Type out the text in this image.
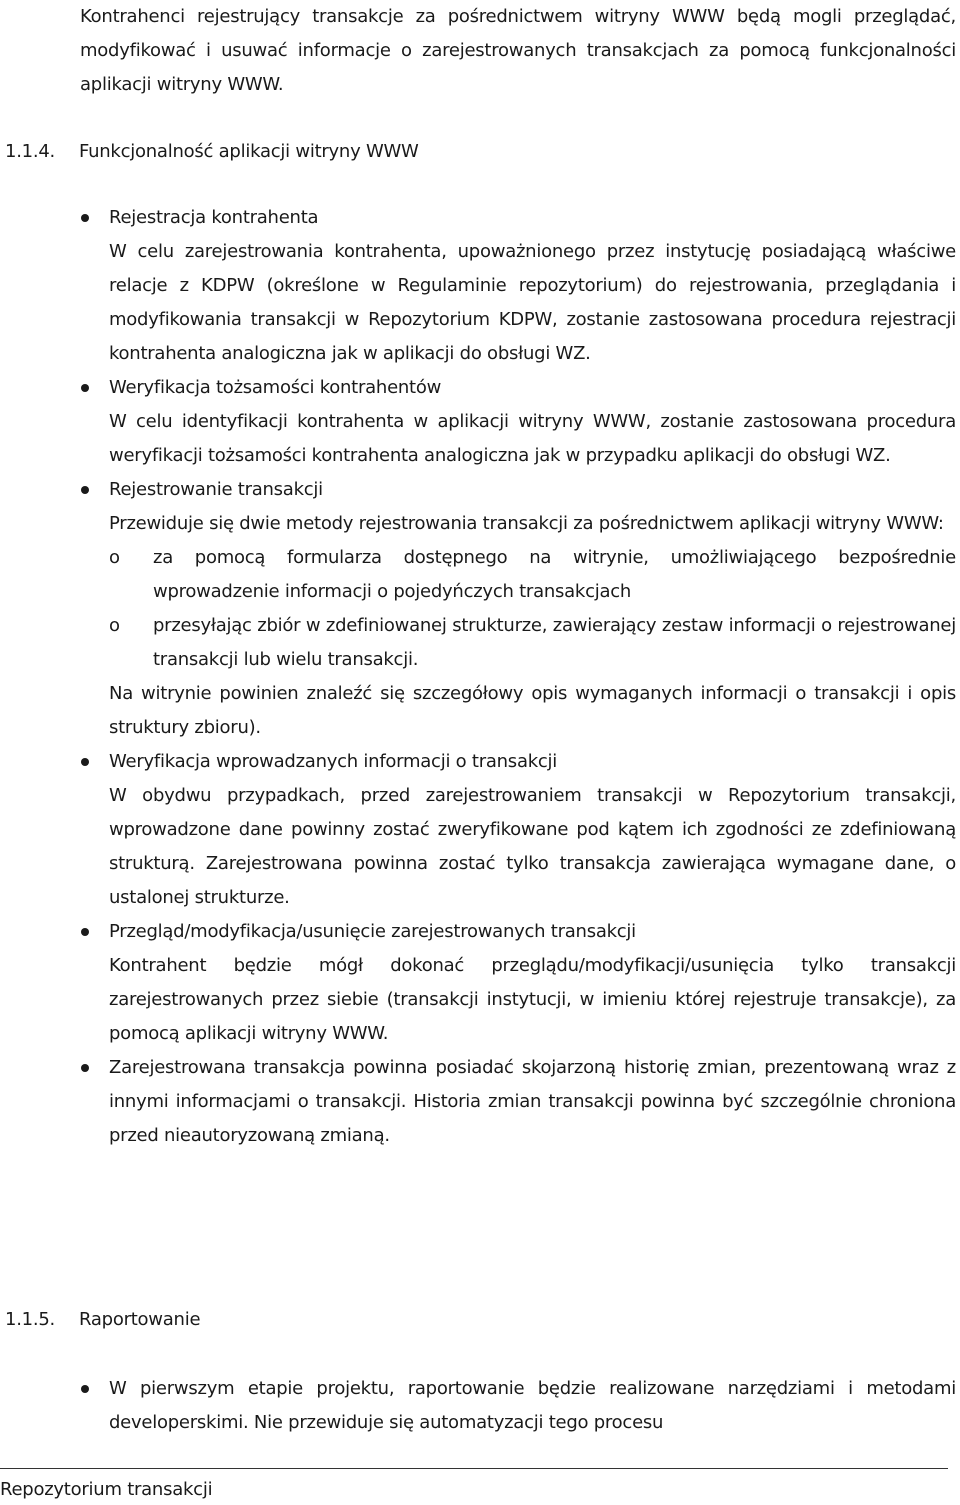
Kontrahenci rejestrujący transakcje za pośrednictwem witryny WWW będą mogli przeglądać, modyfikować i usuwać informacje o zarejestrowanych transakcjach za pomocą funkcjonalności aplikacji witryny WWW.

1.1.4. Funkcjonalność aplikacji witryny WWW
Rejestracja kontrahenta

W celu zarejestrowania kontrahenta, upoważnionego przez instytucję posiadającą właściwe relacje z KDPW (określone w Regulaminie repozytorium) do rejestrowania, przeglądania i modyfikowania transakcji w Repozytorium KDPW, zostanie zastosowana procedura rejestracji kontrahenta analogiczna jak w aplikacji do obsługi WZ.

Weryfikacja tożsamości kontrahentów

W celu identyfikacji kontrahenta w aplikacji witryny WWW, zostanie zastosowana procedura weryfikacji tożsamości kontrahenta analogiczna jak w przypadku aplikacji do obsługi WZ.

Rejestrowanie transakcji

Przewiduje się dwie metody rejestrowania transakcji za pośrednictwem aplikacji witryny WWW:

o za pomocą formularza dostępnego na witrynie, umożliwiającego bezpośrednie wprowadzenie informacji o pojedyńczych transakcjach

o przesyłając zbiór w zdefiniowanej strukturze, zawierający zestaw informacji o rejestrowanej transakcji lub wielu transakcji.

Na witrynie powinien znaleźć się szczegółowy opis wymaganych informacji o transakcji i opis struktury zbioru).

Weryfikacja wprowadzanych informacji o transakcji

W obydwu przypadkach, przed zarejestrowaniem transakcji w Repozytorium transakcji, wprowadzone dane powinny zostać zweryfikowane pod kątem ich zgodności ze zdefiniowaną strukturą. Zarejestrowana powinna zostać tylko transakcja zawierająca wymagane dane, o ustalonej strukturze.

Przegląd/modyfikacja/usunięcie zarejestrowanych transakcji

Kontrahent będzie mógł dokonać przeglądu/modyfikacji/usunięcia tylko transakcji zarejestrowanych przez siebie (transakcji instytucji, w imieniu której rejestruje transakcje), za pomocą aplikacji witryny WWW.

Zarejestrowana transakcja powinna posiadać skojarzoną historię zmian, prezentowaną wraz z innymi informacjami o transakcji. Historia zmian transakcji powinna być szczególnie chroniona przed nieautoryzowaną zmianą.

1.1.5. Raportowanie

W pierwszym etapie projektu, raportowanie będzie realizowane narzędziami i metodami developerskimi. Nie przewiduje się automatyzacji tego procesu

Repozytorium transakcji
